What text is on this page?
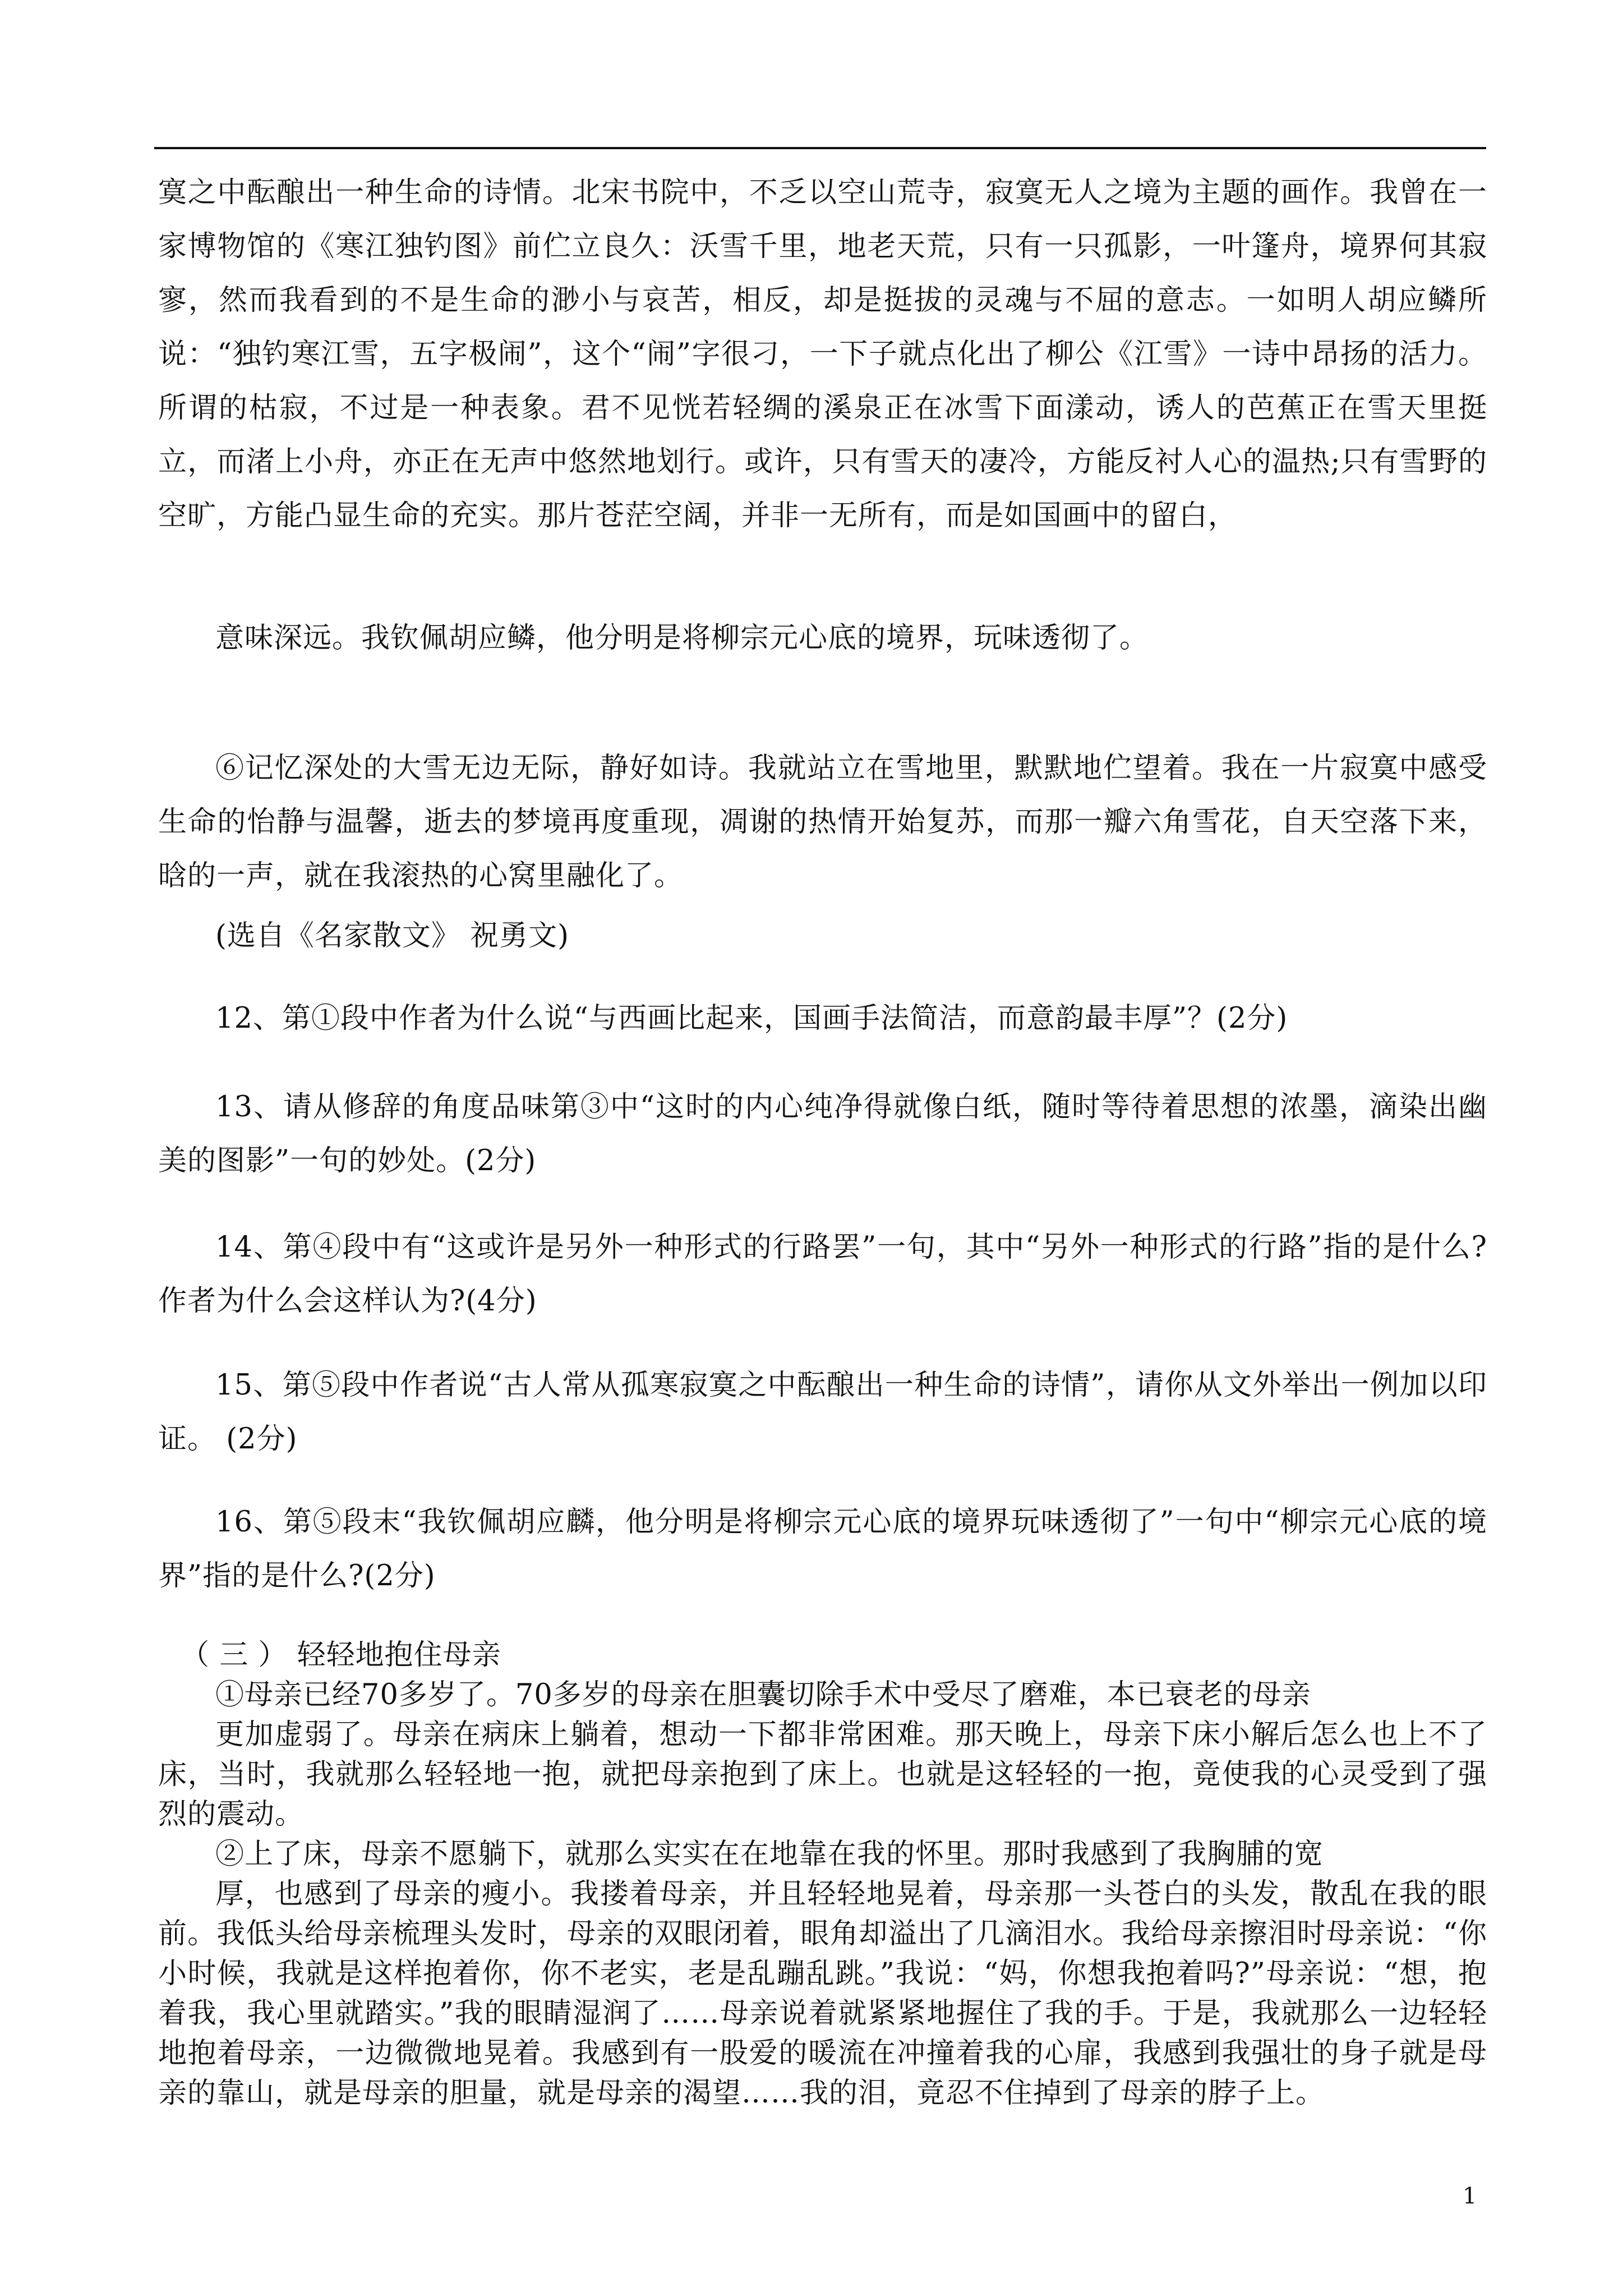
寞之中酝酿出一种生命的诗情。北宋书院中，不乏以空山荒寺，寂寞无人之境为主题的画作。我曾在一家博物馆的《寒江独钓图》前伫立良久：沃雪千里，地老天荒，只有一只孤影，一叶篷舟，境界何其寂寥，然而我看到的不是生命的渺小与哀苦，相反，却是挺拔的灵魂与不屈的意志。一如明人胡应鳞所说：“独钓寒江雪，五字极闹”，这个“闹”字很刁，一下子就点化出了柳公《江雪》一诗中昂扬的活力。所谓的枯寂，不过是一种表象。君不见恍若轻绸的溪泉正在冰雪下面漾动，诱人的芭蕉正在雪天里挺立，而渚上小舟，亦正在无声中悠然地划行。或许，只有雪天的凄冷，方能反衬人心的温热;只有雪野的空旷，方能凸显生命的充实。那片苍茫空阔，并非一无所有，而是如国画中的留白，
意味深远。我钦佩胡应鳞，他分明是将柳宗元心底的境界，玩味透彻了。
⑥记忆深处的大雪无边无际，静好如诗。我就站立在雪地里，默默地伫望着。我在一片寂寞中感受生命的怡静与温馨，逝去的梦境再度重现，凋谢的热情开始复苏，而那一瓣六角雪花，自天空落下来，晗的一声，就在我滚热的心窝里融化了。
(选自《名家散文》 祝勇文)
12、第①段中作者为什么说“与西画比起来，国画手法简洁，而意韵最丰厚”？(2分)
13、请从修辞的角度品味第③中“这时的内心纯净得就像白纸，随时等待着思想的浓墨，滴染出幽美的图影”一句的妙处。(2分)
14、第④段中有“这或许是另外一种形式的行路罢”一句，其中“另外一种形式的行路”指的是什么?作者为什么会这样认为?(4分)
15、第⑤段中作者说“古人常从孤寒寂寞之中酝酿出一种生命的诗情”，请你从文外举出一例加以印证。 (2分)
16、第⑤段末“我钦佩胡应麟，他分明是将柳宗元心底的境界玩味透彻了”一句中“柳宗元心底的境界”指的是什么?(2分)
（ 三 ） 轻轻地抱住母亲
①母亲已经70多岁了。70多岁的母亲在胆囊切除手术中受尽了磨难，本已衰老的母亲
更加虚弱了。母亲在病床上躺着，想动一下都非常困难。那天晚上，母亲下床小解后怎么也上不了床，当时，我就那么轻轻地一抱，就把母亲抱到了床上。也就是这轻轻的一抱，竟使我的心灵受到了强烈的震动。
②上了床，母亲不愿躺下，就那么实实在在地靠在我的怀里。那时我感到了我胸脯的宽
厚，也感到了母亲的瘦小。我搂着母亲，并且轻轻地晃着，母亲那一头苍白的头发，散乱在我的眼前。我低头给母亲梳理头发时，母亲的双眼闭着，眼角却溢出了几滴泪水。我给母亲擦泪时母亲说：“你小时候，我就是这样抱着你，你不老实，老是乱蹦乱跳。”我说：“妈，你想我抱着吗?”母亲说：“想，抱着我，我心里就踏实。”我的眼睛湿润了……母亲说着就紧紧地握住了我的手。于是，我就那么一边轻轻地抱着母亲，一边微微地晃着。我感到有一股爱的暖流在冲撞着我的心扉，我感到我强壮的身子就是母亲的靠山，就是母亲的胆量，就是母亲的渴望……我的泪，竟忍不住掉到了母亲的脖子上。
1
